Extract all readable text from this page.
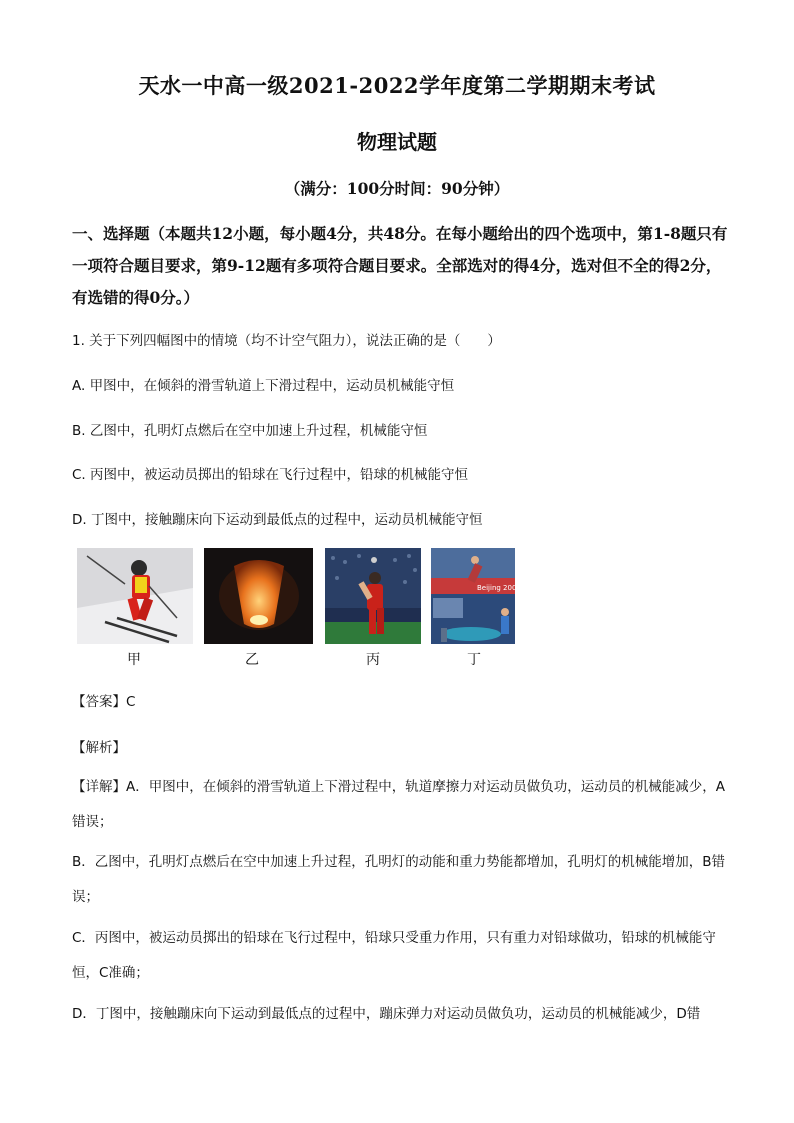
天水一中高一级2021-2022学年度第二学期期末考试
物理试题
（满分：100分时间：90分钟）
一、选择题（本题共12小题，每小题4分，共48分。在每小题给出的四个选项中，第1-8题只有一项符合题目要求，第9-12题有多项符合题目要求。全部选对的得4分，选对但不全的得2分，有选错的得0分。）
1. 关于下列四幅图中的情境（均不计空气阻力），说法正确的是（　　）
A. 甲图中，在倾斜的滑雪轨道上下滑过程中，运动员机械能守恒
B. 乙图中，孔明灯点燃后在空中加速上升过程，机械能守恒
C. 丙图中，被运动员掷出的铅球在飞行过程中，铅球的机械能守恒
D. 丁图中，接触蹦床向下运动到最低点的过程中，运动员机械能守恒
Beijing 2008
甲	乙	丙	丁
【答案】C
【解析】
【详解】A．甲图中，在倾斜的滑雪轨道上下滑过程中，轨道摩擦力对运动员做负功，运动员的机械能减少，A错误；
B．乙图中，孔明灯点燃后在空中加速上升过程，孔明灯的动能和重力势能都增加，孔明灯的机械能增加，B错误；
C．丙图中，被运动员掷出的铅球在飞行过程中，铅球只受重力作用，只有重力对铅球做功，铅球的机械能守恒，C准确；
D．丁图中，接触蹦床向下运动到最低点的过程中，蹦床弹力对运动员做负功，运动员的机械能减少，D错
